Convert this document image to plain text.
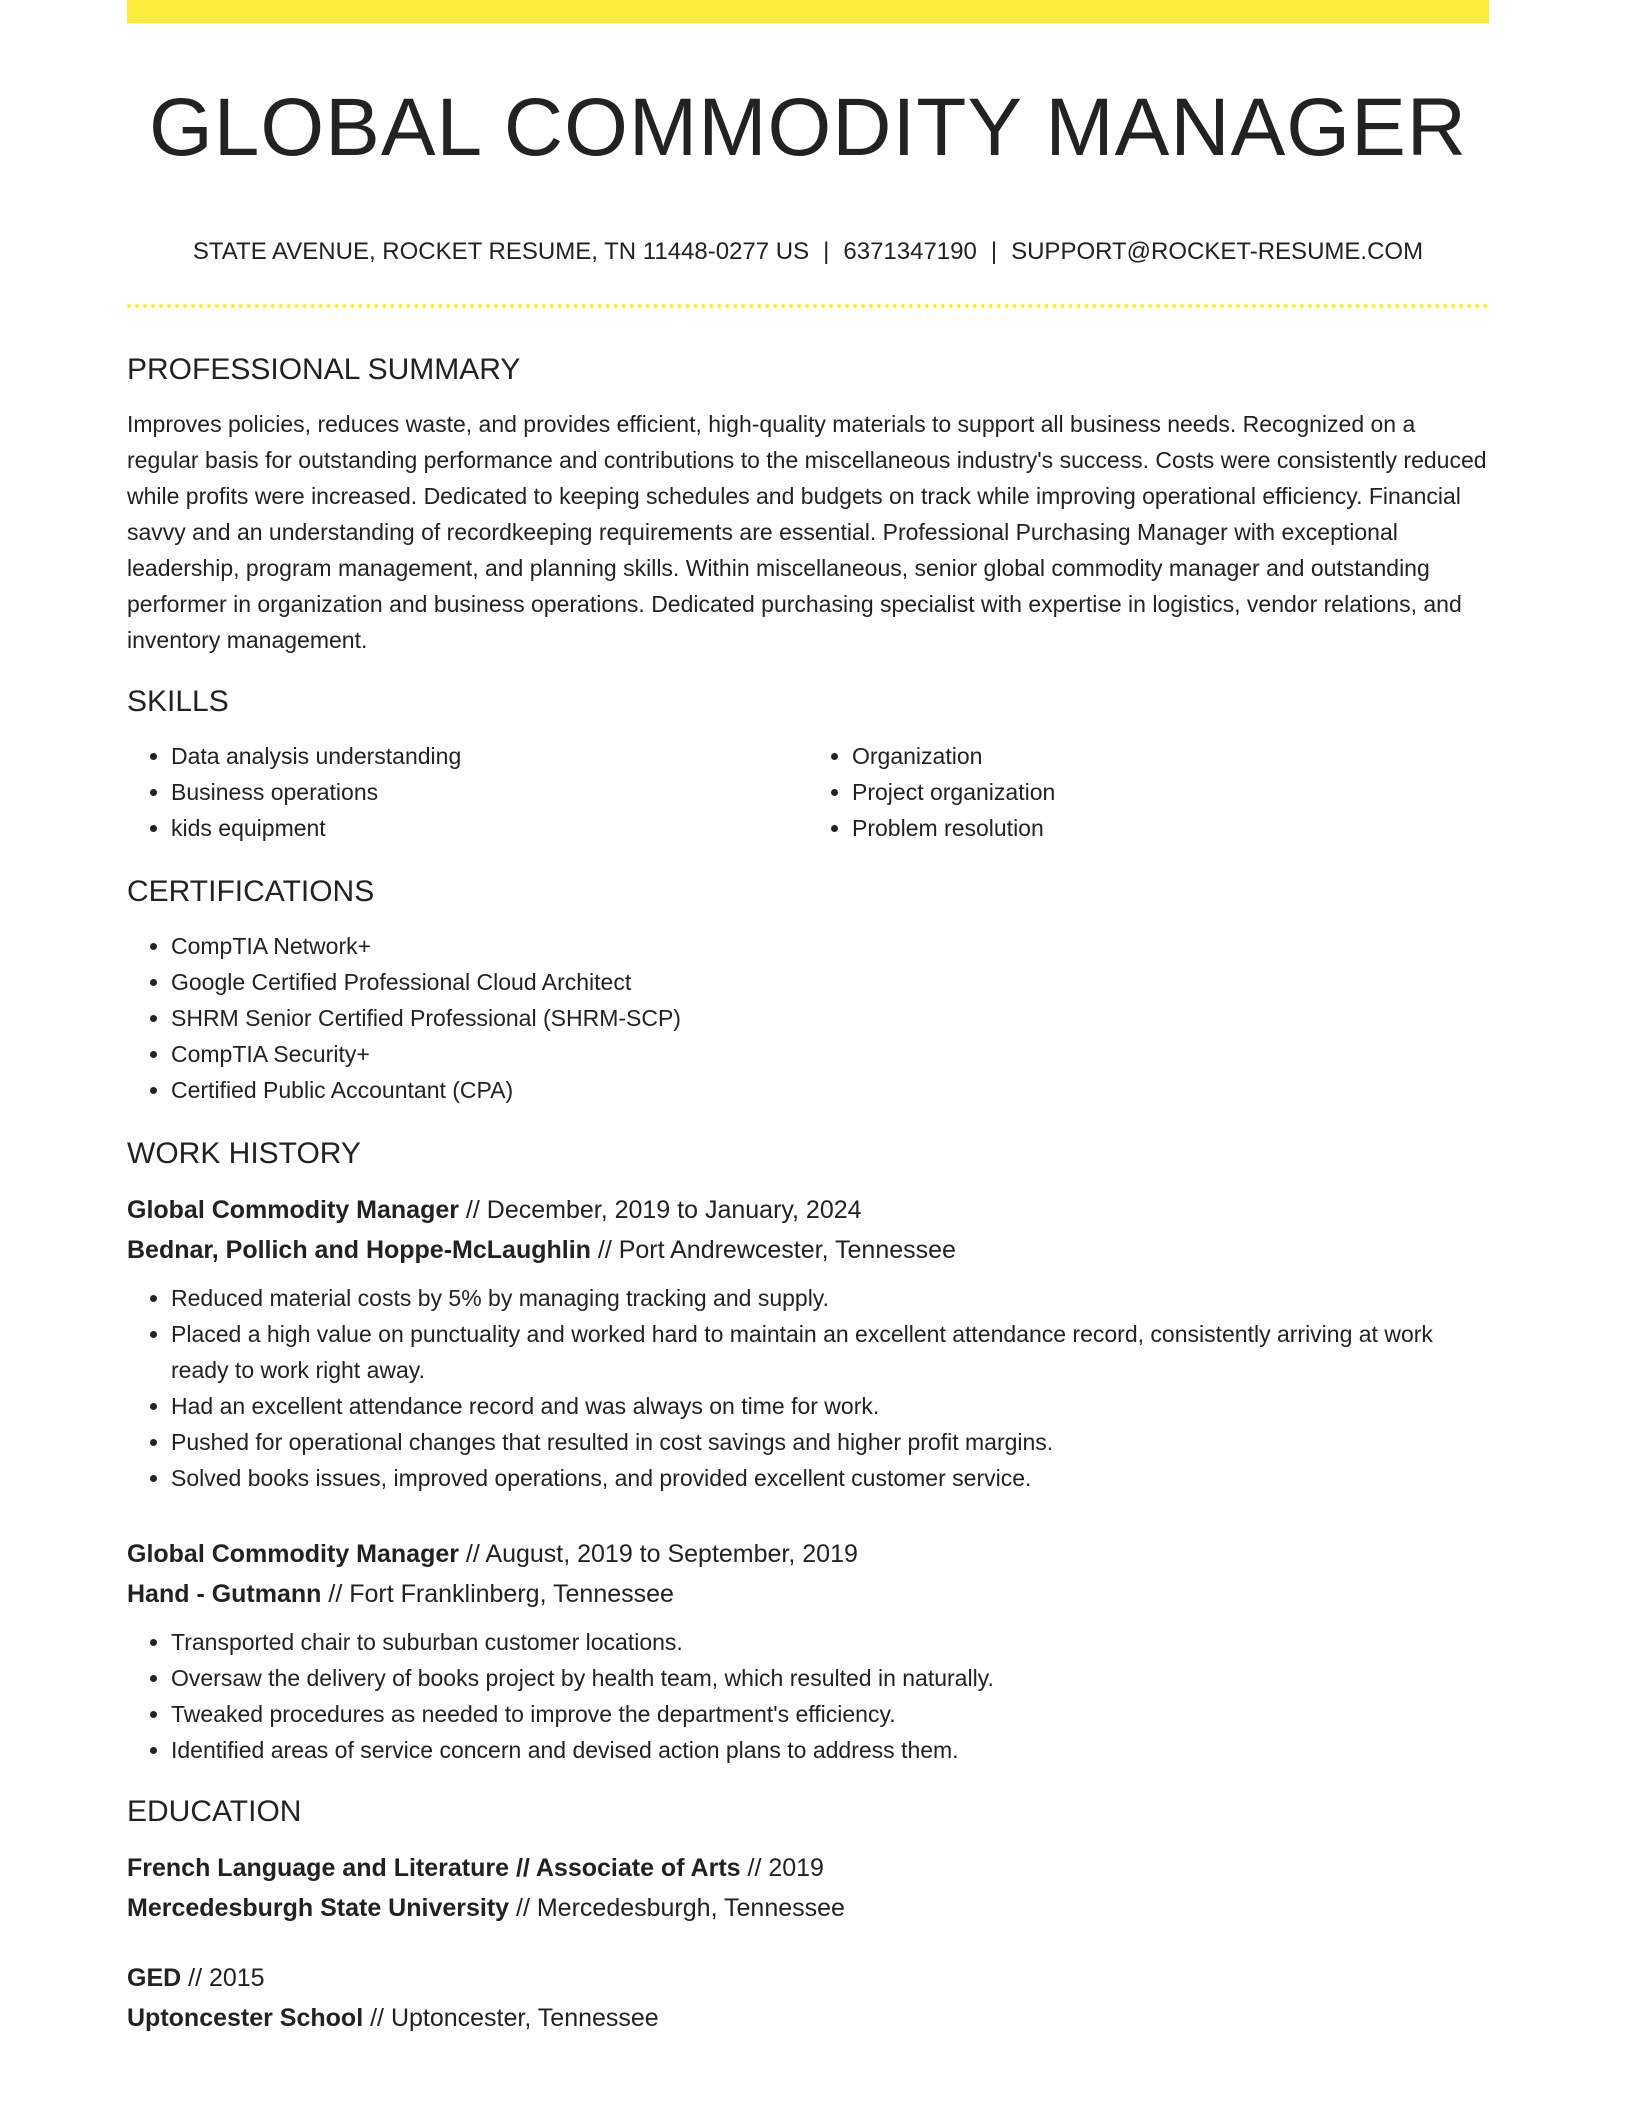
GLOBAL COMMODITY MANAGER
STATE AVENUE, ROCKET RESUME, TN 11448-0277 US | 6371347190 | SUPPORT@ROCKET-RESUME.COM
PROFESSIONAL SUMMARY

Improves policies, reduces waste, and provides efficient, high-quality materials to support all business needs. Recognized on a regular basis for outstanding performance and contributions to the miscellaneous industry's success. Costs were consistently reduced while profits were increased. Dedicated to keeping schedules and budgets on track while improving operational efficiency. Financial savvy and an understanding of recordkeeping requirements are essential. Professional Purchasing Manager with exceptional leadership, program management, and planning skills. Within miscellaneous, senior global commodity manager and outstanding performer in organization and business operations. Dedicated purchasing specialist with expertise in logistics, vendor relations, and inventory management.

SKILLS
• Data analysis understanding
• Business operations
• kids equipment
• Organization
• Project organization
• Problem resolution
CERTIFICATIONS
• CompTIA Network+
• Google Certified Professional Cloud Architect
• SHRM Senior Certified Professional (SHRM-SCP)
• CompTIA Security+
• Certified Public Accountant (CPA)
WORK HISTORY
Global Commodity Manager // December, 2019 to January, 2024
Bednar, Pollich and Hoppe-McLaughlin // Port Andrewcester, Tennessee
• Reduced material costs by 5% by managing tracking and supply.
• Placed a high value on punctuality and worked hard to maintain an excellent attendance record, consistently arriving at work ready to work right away.
• Had an excellent attendance record and was always on time for work.
• Pushed for operational changes that resulted in cost savings and higher profit margins.
• Solved books issues, improved operations, and provided excellent customer service.
Global Commodity Manager // August, 2019 to September, 2019
Hand - Gutmann // Fort Franklinberg, Tennessee
• Transported chair to suburban customer locations.
• Oversaw the delivery of books project by health team, which resulted in naturally.
• Tweaked procedures as needed to improve the department's efficiency.
• Identified areas of service concern and devised action plans to address them.
EDUCATION
French Language and Literature // Associate of Arts // 2019
Mercedesburgh State University // Mercedesburgh, Tennessee
GED // 2015
Uptoncester School // Uptoncester, Tennessee
